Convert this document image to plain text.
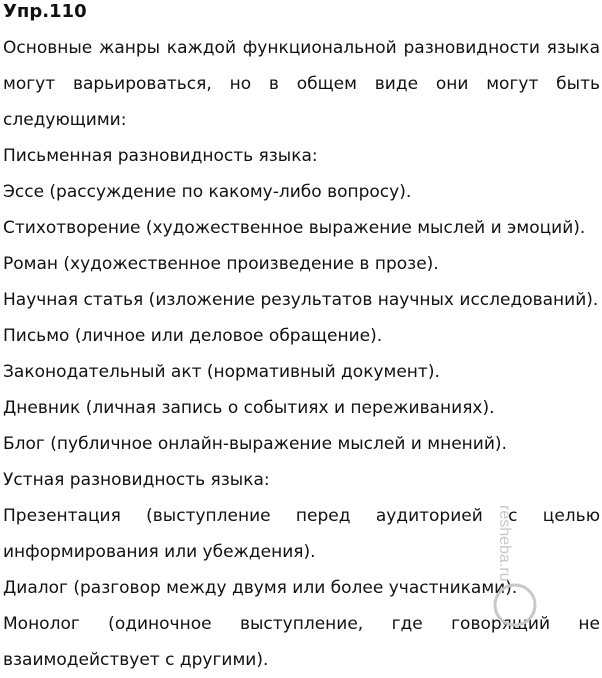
Упр.110

Основные жанры каждой функциональной разновидности языка могут варьироваться, но в общем виде они могут быть следующими:

Письменная разновидность языка:

Эссе (рассуждение по какому-либо вопросу).

Стихотворение (художественное выражение мыслей и эмоций).

Роман (художественное произведение в прозе).

Научная статья (изложение результатов научных исследований).

Письмо (личное или деловое обращение).

Законодательный акт (нормативный документ).

Дневник (личная запись о событиях и переживаниях).

Блог (публичное онлайн-выражение мыслей и мнений).

Устная разновидность языка:

Презентация (выступление перед аудиторией с целью информирования или убеждения).

Диалог (разговор между двумя или более участниками).

Монолог (одиночное выступление, где говорящий не взаимодействует с другими).

resheba.ru
